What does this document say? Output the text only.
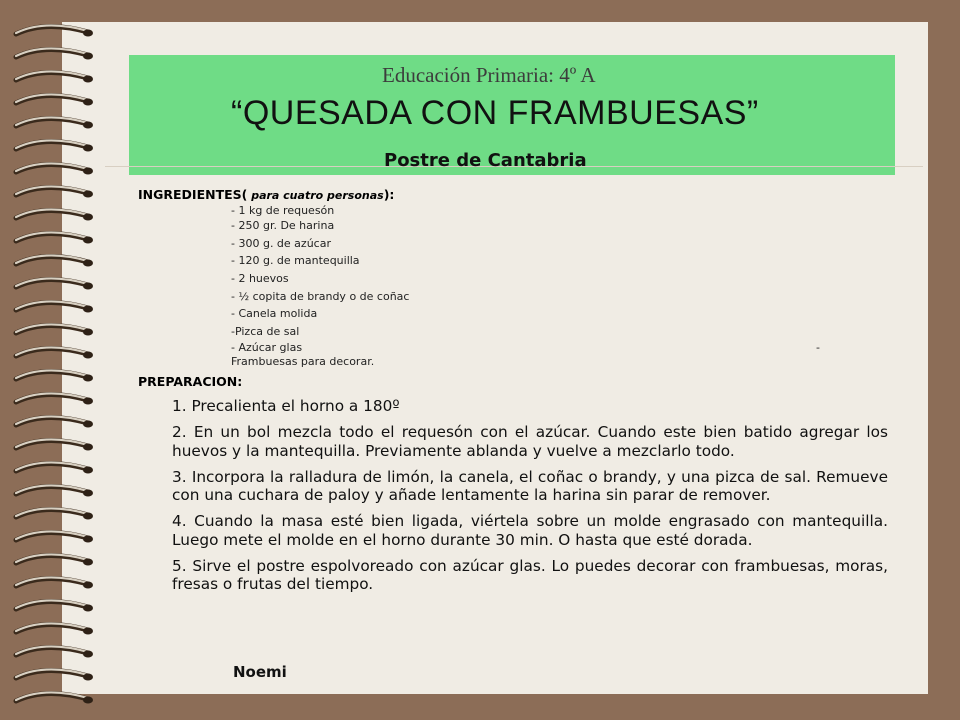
Educación Primaria: 4º A
“QUESADA CON FRAMBUESAS”
Postre de Cantabria
INGREDIENTES( para cuatro personas):
- 1 kg de requesón
- 250 gr. De harina
- 300 g. de azúcar
- 120 g. de mantequilla
- 2 huevos
- ½ copita de brandy o de coñac
- Canela molida
-Pizca de sal
- Azúcar glas	-
Frambuesas para decorar.
PREPARACION:

1. Precalienta el horno a 180º

2. En un bol mezcla todo el requesón con el azúcar. Cuando este bien batido agregar los huevos y la mantequilla. Previamente ablanda y vuelve a mezclarlo todo.

3. Incorpora la ralladura de limón, la canela, el coñac o brandy, y una pizca de sal. Remueve con una cuchara de paloy y añade lentamente la harina sin parar de remover.

4. Cuando la masa esté bien ligada, viértela sobre un molde engrasado con mantequilla. Luego mete el molde en el horno durante 30 min. O hasta que esté dorada.

5. Sirve el postre espolvoreado con azúcar glas. Lo puedes decorar con frambuesas, moras, fresas o frutas del tiempo.

Noemi
